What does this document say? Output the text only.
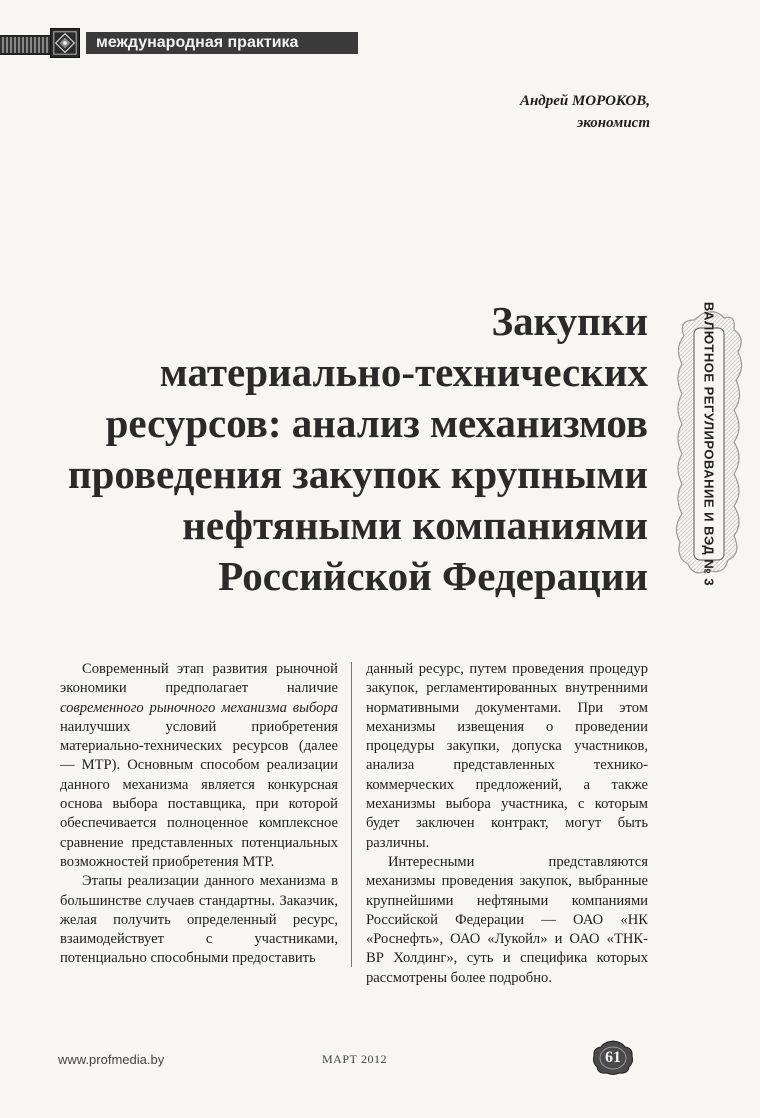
международная практика
Андрей МОРОКОВ,
экономист
Закупки
материально-технических
ресурсов: анализ механизмов
проведения закупок крупными
нефтяными компаниями
Российской Федерации	ВАЛЮТНОЕ РЕГУЛИРОВАНИЕ И ВЭД № 3

Современный этап развития рыночной экономики предполагает наличие современного рыночного механизма выбора наилучших условий приобретения материально-технических ресурсов (далее — МТР). Основным способом реализации данного механизма является конкурсная основа выбора поставщика, при которой обеспечивается полноценное комплексное сравнение представленных потенциальных возможностей приобретения МТР.

Этапы реализации данного механизма в большинстве случаев стандартны. Заказчик, желая получить определенный ресурс, взаимодействует с участниками, потенциально способными предоставить

данный ресурс, путем проведения процедур закупок, регламентированных внутренними нормативными документами. При этом механизмы извещения о проведении процедуры закупки, допуска участников, анализа представленных технико-коммерческих предложений, а также механизмы выбора участника, с которым будет заключен контракт, могут быть различны.

Интересными представляются механизмы проведения закупок, выбранные крупнейшими нефтяными компаниями Российской Федерации — ОАО «НК «Роснефть», ОАО «Лукойл» и ОАО «ТНК-ВР Холдинг», суть и специфика которых рассмотрены более подробно.

www.profmedia.by	МАРТ 2012	61
